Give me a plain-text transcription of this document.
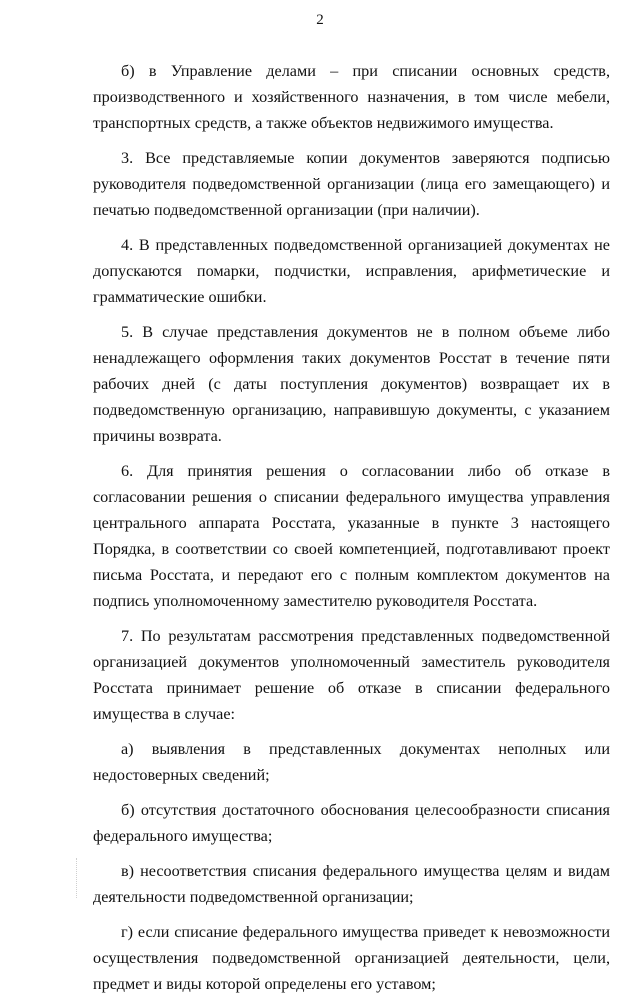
2

б) в Управление делами – при списании основных средств, производственного и хозяйственного назначения, в том числе мебели, транспортных средств, а также объектов недвижимого имущества.

3. Все представляемые копии документов заверяются подписью руководителя подведомственной организации (лица его замещающего) и печатью подведомственной организации (при наличии).

4. В представленных подведомственной организацией документах не допускаются помарки, подчистки, исправления, арифметические и грамматические ошибки.

5. В случае представления документов не в полном объеме либо ненадлежащего оформления таких документов Росстат в течение пяти рабочих дней (с даты поступления документов) возвращает их в подведомственную организацию, направившую документы, с указанием причины возврата.

6. Для принятия решения о согласовании либо об отказе в согласовании решения о списании федерального имущества управления центрального аппарата Росстата, указанные в пункте 3 настоящего Порядка, в соответствии со своей компетенцией, подготавливают проект письма Росстата, и передают его с полным комплектом документов на подпись уполномоченному заместителю руководителя Росстата.

7. По результатам рассмотрения представленных подведомственной организацией документов уполномоченный заместитель руководителя Росстата принимает решение об отказе в списании федерального имущества в случае:

а) выявления в представленных документах неполных или недостоверных сведений;

б) отсутствия достаточного обоснования целесообразности списания федерального имущества;

в) несоответствия списания федерального имущества целям и видам деятельности подведомственной организации;

г) если списание федерального имущества приведет к невозможности осуществления подведомственной организацией деятельности, цели, предмет и виды которой определены его уставом;
